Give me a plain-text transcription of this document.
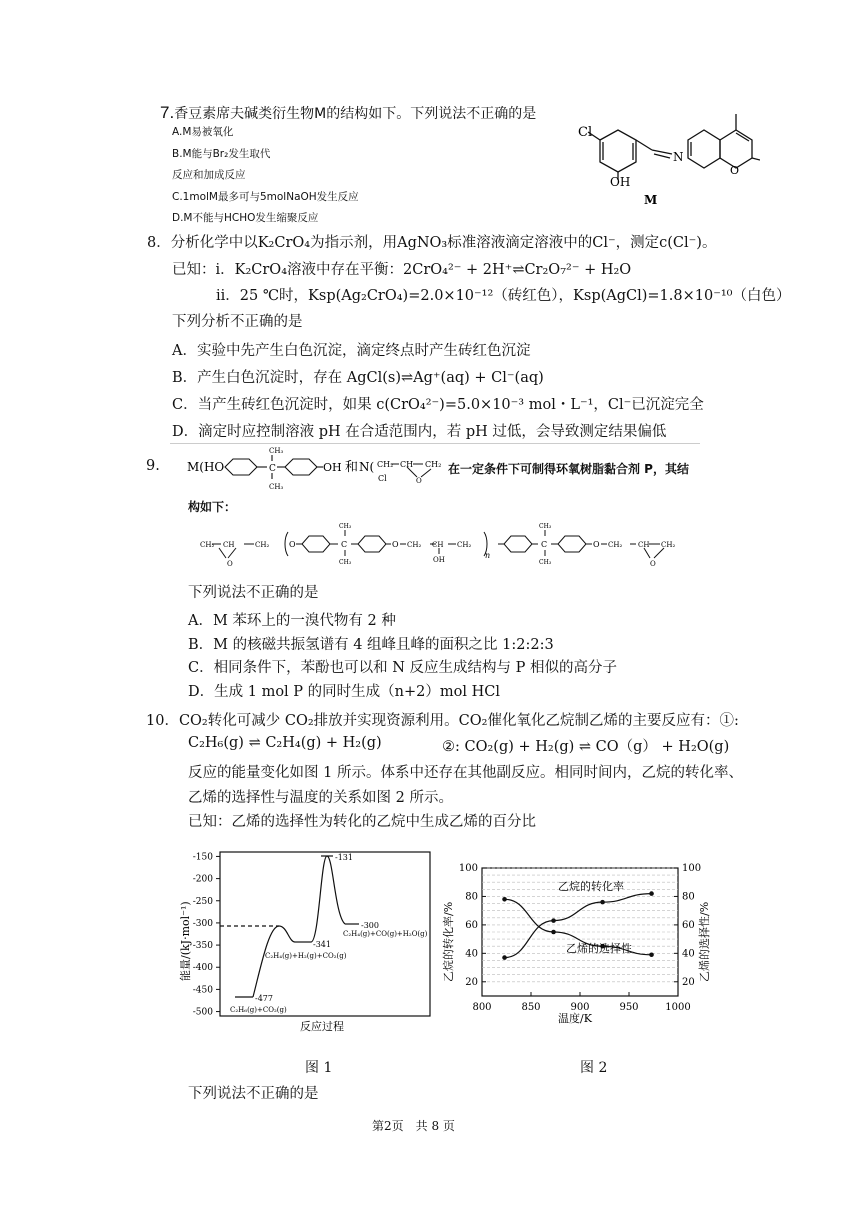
7.香豆素席夫碱类衍生物M的结构如下。下列说法不正确的是
A.M易被氧化
B.M能与Br₂发生取代
反应和加成反应
C.1molM最多可与5molNaOH发生反应
D.M不能与HCHO发生缩聚反应
Cl
OH
N
O
M
8．分析化学中以K₂CrO₄为指示剂，用AgNO₃标准溶液滴定溶液中的Cl⁻，测定c(Cl⁻)。
已知：i．K₂CrO₄溶液中存在平衡：2CrO₄²⁻ + 2H⁺⇌Cr₂O₇²⁻ + H₂O
ii．25 ℃时，Ksp(Ag₂CrO₄)=2.0×10⁻¹²（砖红色），Ksp(AgCl)=1.8×10⁻¹⁰（白色）
下列分析不正确的是
A．实验中先产生白色沉淀，滴定终点时产生砖红色沉淀
B．产生白色沉淀时，存在 AgCl(s)⇌Ag⁺(aq) + Cl⁻(aq)
C．当产生砖红色沉淀时，如果 c(CrO₄²⁻)=5.0×10⁻³ mol・L⁻¹，Cl⁻已沉淀完全
D．滴定时应控制溶液 pH 在合适范围内，若 pH 过低，会导致测定结果偏低
9. M(HO
CH₃
C
CH₃
OH 和 N( CH₂ CH CH₂
Cl	O
在一定条件下可制得环氧树脂黏合剂 P，其结
构如下：
CH₂ CH
O
CH₂ O
CH₃
C
CH₃
O CH₂ CH
OH
CH₂
n
CH₃
C
CH₃
O CH₂ CH CH₂
O
下列说法不正确的是
A．M 苯环上的一溴代物有 2 种
B．M 的核磁共振氢谱有 4 组峰且峰的面积之比 1:2:2:3
C．相同条件下，苯酚也可以和 N 反应生成结构与 P 相似的高分子
D．生成 1 mol P 的同时生成（n+2）mol HCl
10．CO₂转化可减少 CO₂排放并实现资源利用。CO₂催化氧化乙烷制乙烯的主要反应有：①:
C₂H₆(g) ⇌ C₂H₄(g) + H₂(g)	②: CO₂(g) + H₂(g) ⇌ CO（g） + H₂O(g)
反应的能量变化如图 1 所示。体系中还存在其他副反应。相同时间内，乙烷的转化率、
乙烯的选择性与温度的关系如图 2 所示。
已知：乙烯的选择性为转化的乙烷中生成乙烯的百分比
-150
-200
-250
-300
-350
-400
-450
-500
能量/(kJ·mol⁻¹)
-477
C₂H₆(g)+CO₂(g)
-341
C₂H₄(g)+H₂(g)+CO₂(g)
-131
-300
C₂H₄(g)+CO(g)+H₂O(g)
反应过程
图 1
800	850	900	950	1000
20
40
60
80
100
20
40
60
80
100
乙烷的转化率/%	乙烯的选择性/%
温度/K
乙烷的转化率
乙烯的选择性
图 2
下列说法不正确的是
第2页　共 8 页
